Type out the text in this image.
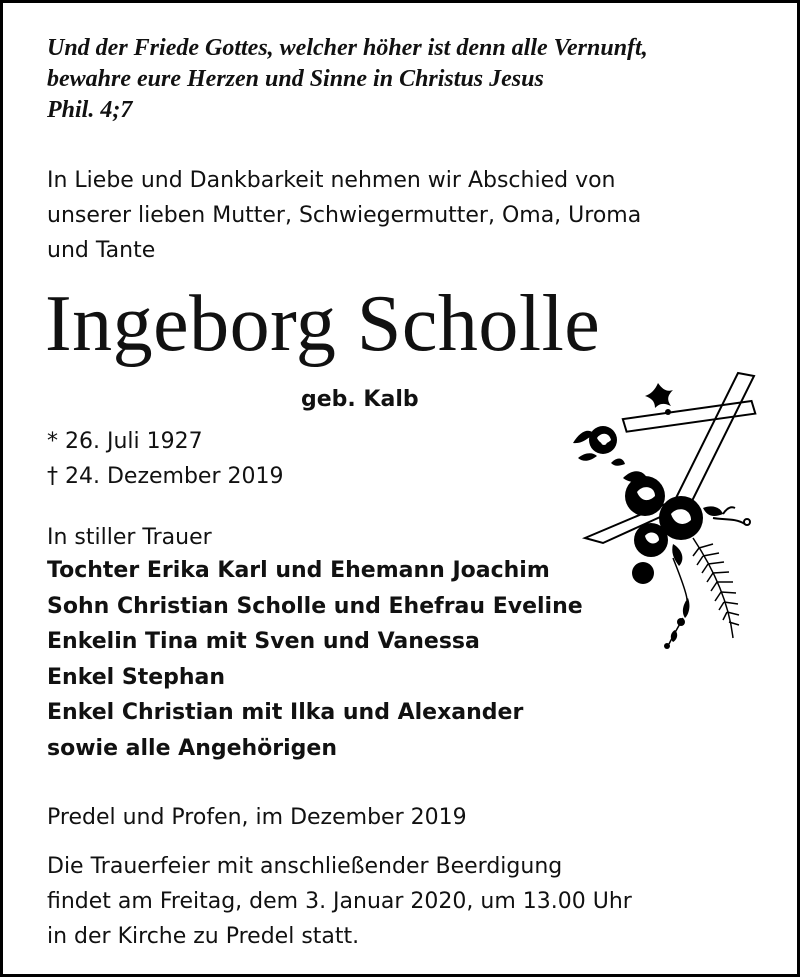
Und der Friede Gottes, welcher höher ist denn alle Vernunft,
bewahre eure Herzen und Sinne in Christus Jesus
Phil. 4;7
In Liebe und Dankbarkeit nehmen wir Abschied von
unserer lieben Mutter, Schwiegermutter, Oma, Uroma
und Tante
Ingeborg Scholle
geb. Kalb
* 26. Juli 1927
† 24. Dezember 2019
In stiller Trauer
Tochter Erika Karl und Ehemann Joachim
Sohn Christian Scholle und Ehefrau Eveline
Enkelin Tina mit Sven und Vanessa
Enkel Stephan
Enkel Christian mit Ilka und Alexander
sowie alle Angehörigen
Predel und Profen, im Dezember 2019
Die Trauerfeier mit anschließender Beerdigung
findet am Freitag, dem 3. Januar 2020, um 13.00 Uhr
in der Kirche zu Predel statt.
